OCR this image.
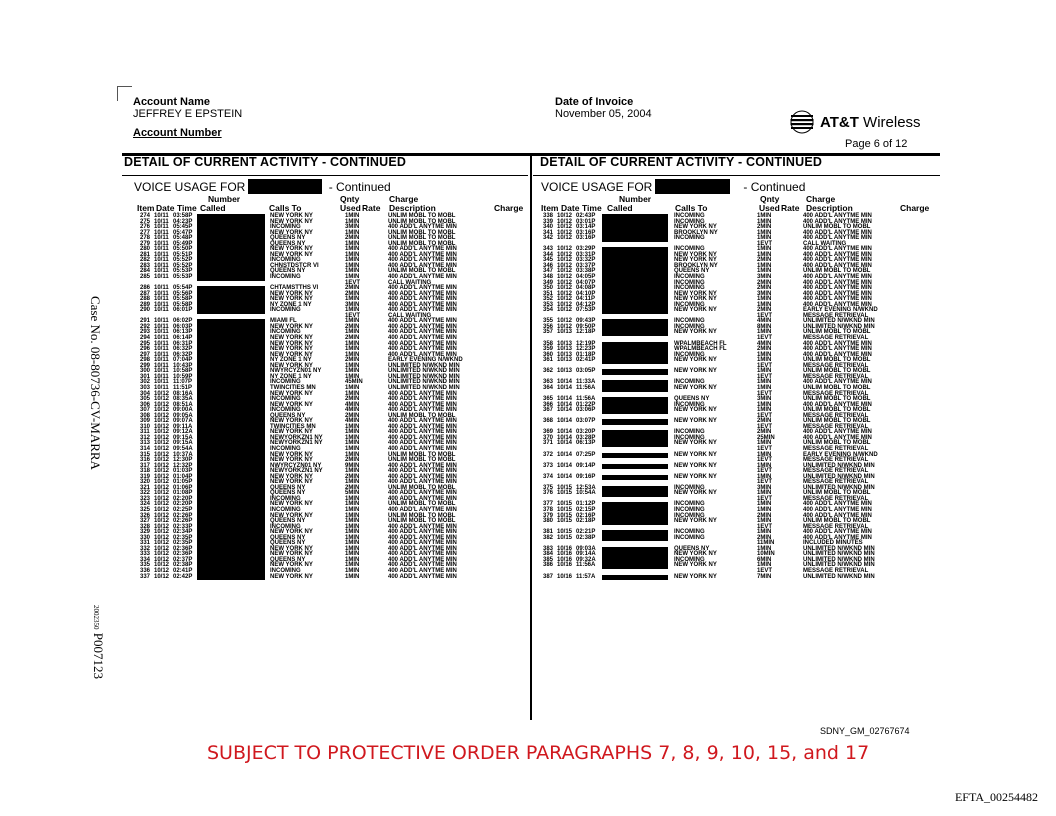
Account Name
JEFFREY E EPSTEIN
Account Number
Date of Invoice
November 05, 2004	AT&T Wireless
Page 6 of 12
DETAIL OF CURRENT ACTIVITY - CONTINUED	DETAIL OF CURRENT ACTIVITY - CONTINUED
VOICE USAGE FOR	- Continued	VOICE USAGE FOR	- Continued
Number
Item Date Time Called	Calls To
Qnty
Used Rate
Charge
Description	Charge
Number
Item Date Time Called	Calls To
Qnty
Used Rate
Charge
Description	Charge
274 10/11 03:58P	NEW YORK NY	1MIN	UNLIM MOBL TO MOBL
275 10/11 04:23P	NEW YORK NY	1MIN	UNLIM MOBL TO MOBL
276 10/11 05:45P	INCOMING	3MIN	400 ADD'L ANYTME MIN
277 10/11 05:47P	NEW YORK NY	1MIN	UNLIM MOBL TO MOBL
278 10/11 05:48P	QUEENS NY	2MIN	UNLIM MOBL TO MOBL
279 10/11 05:49P	QUEENS NY	1MIN	UNLIM MOBL TO MOBL
280 10/11 05:50P	NEW YORK NY	1MIN	400 ADD'L ANYTME MIN
281 10/11 05:51P	NEW YORK NY	1MIN	400 ADD'L ANYTME MIN
282 10/11 05:52P	INCOMING	1MIN	400 ADD'L ANYTME MIN
283 10/11 05:52P	CHNSTDSTCR VI	1MIN	400 ADD'L ANYTME MIN
284 10/11 05:53P	QUEENS NY	1MIN	UNLIM MOBL TO MOBL
285 10/11 05:53P	INCOMING	1MIN	400 ADD'L ANYTME MIN
1EVT	CALL WAITING
286 10/11 05:54P	CHTAMSTTHS VI	2MIN	400 ADD'L ANYTME MIN
287 10/11 05:56P	NEW YORK NY	2MIN	400 ADD'L ANYTME MIN
288 10/11 05:58P	NEW YORK NY	1MIN	400 ADD'L ANYTME MIN
289 10/11 05:58P	NY ZONE 1 NY	3MIN	400 ADD'L ANYTME MIN
290 10/11 06:01P	INCOMING	1MIN	400 ADD'L ANYTME MIN
1EVT	CALL WAITING
291 10/11 06:02P	MIAMI FL	1MIN	400 ADD'L ANYTME MIN
292 10/11 06:03P	NEW YORK NY	2MIN	400 ADD'L ANYTME MIN
293 10/11 06:13P	INCOMING	1MIN	400 ADD'L ANYTME MIN
294 10/11 06:14P	NEW YORK NY	2MIN	400 ADD'L ANYTME MIN
295 10/11 06:31P	NEW YORK NY	1MIN	400 ADD'L ANYTME MIN
296 10/11 06:32P	NEW YORK NY	1MIN	400 ADD'L ANYTME MIN
297 10/11 06:32P	NEW YORK NY	1MIN	400 ADD'L ANYTME MIN
298 10/11 07:04P	NY ZONE 1 NY	2MIN	EARLY EVENING N/WKND
299 10/11 10:43P	NEW YORK NY	1MIN	UNLIMITED N/WKND MIN
300 10/11 10:58P	NWYRCYZN01 NY	1MIN	UNLIMITED N/WKND MIN
301 10/11 10:59P	NY ZONE 1 NY	1MIN	UNLIMITED N/WKND MIN
302 10/11 11:07P	INCOMING	45MIN	UNLIMITED N/WKND MIN
303 10/11 11:51P	TWINCITIES MN	1MIN	UNLIMITED N/WKND MIN
304 10/12 08:16A	NEW YORK NY	1MIN	400 ADD'L ANYTME MIN
305 10/12 08:35A	INCOMING	2MIN	400 ADD'L ANYTME MIN
306 10/12 08:51A	NEW YORK NY	4MIN	400 ADD'L ANYTME MIN
307 10/12 09:00A	INCOMING	4MIN	400 ADD'L ANYTME MIN
308 10/12 09:05A	QUEENS NY	2MIN	UNLIM MOBL TO MOBL
309 10/12 09:07A	NEW YORK NY	4MIN	400 ADD'L ANYTME MIN
310 10/12 09:11A	TWINCITIES MN	1MIN	400 ADD'L ANYTME MIN
311 10/12 09:12A	NEW YORK NY	1MIN	400 ADD'L ANYTME MIN
312 10/12 09:15A	NEWYORKZN1 NY	1MIN	400 ADD'L ANYTME MIN
313 10/12 09:15A	NEWYORKZN1 NY	1MIN	400 ADD'L ANYTME MIN
314 10/12 09:54A	INCOMING	1MIN	400 ADD'L ANYTME MIN
315 10/12 10:37A	NEW YORK NY	1MIN	UNLIM MOBL TO MOBL
316 10/12 12:30P	NEW YORK NY	2MIN	UNLIM MOBL TO MOBL
317 10/12 12:32P	NWYRCYZN01 NY	9MIN	400 ADD'L ANYTME MIN
318 10/12 01:03P	NEWYORKZN1 NY	1MIN	400 ADD'L ANYTME MIN
319 10/12 01:04P	NEW YORK NY	2MIN	400 ADD'L ANYTME MIN
320 10/12 01:05P	NEW YORK NY	1MIN	400 ADD'L ANYTME MIN
321 10/12 01:06P	QUEENS NY	2MIN	UNLIM MOBL TO MOBL
322 10/12 01:08P	QUEENS NY	5MIN	400 ADD'L ANYTME MIN
323 10/12 02:20P	INCOMING	1MIN	400 ADD'L ANYTME MIN
324 10/12 02:20P	NEW YORK NY	1MIN	UNLIM MOBL TO MOBL
325 10/12 02:25P	INCOMING	1MIN	400 ADD'L ANYTME MIN
326 10/12 02:26P	NEW YORK NY	1MIN	UNLIM MOBL TO MOBL
327 10/12 02:26P	QUEENS NY	1MIN	UNLIM MOBL TO MOBL
328 10/12 02:33P	INCOMING	1MIN	400 ADD'L ANYTME MIN
329 10/12 02:34P	NEW YORK NY	1MIN	400 ADD'L ANYTME MIN
330 10/12 02:35P	QUEENS NY	1MIN	400 ADD'L ANYTME MIN
331 10/12 02:35P	QUEENS NY	1MIN	400 ADD'L ANYTME MIN
332 10/12 02:36P	NEW YORK NY	1MIN	400 ADD'L ANYTME MIN
333 10/12 02:36P	NEW YORK NY	1MIN	400 ADD'L ANYTME MIN
334 10/12 02:37P	QUEENS NY	1MIN	400 ADD'L ANYTME MIN
335 10/12 02:38P	NEW YORK NY	1MIN	400 ADD'L ANYTME MIN
336 10/12 02:41P	INCOMING	1MIN	400 ADD'L ANYTME MIN
337 10/12 02:42P	NEW YORK NY	1MIN	400 ADD'L ANYTME MIN
338 10/12 02:43P	INCOMING	1MIN	400 ADD'L ANYTME MIN
339 10/12 03:01P	INCOMING	1MIN	400 ADD'L ANYTME MIN
340 10/12 03:14P	NEW YORK NY	2MIN	UNLIM MOBL TO MOBL
341 10/12 03:16P	BROOKLYN NY	1MIN	400 ADD'L ANYTME MIN
342 10/12 03:16P	INCOMING	1MIN	400 ADD'L ANYTME MIN
1EVT	CALL WAITING
343 10/12 03:29P	INCOMING	1MIN	400 ADD'L ANYTME MIN
344 10/12 03:31P	NEW YORK NY	1MIN	400 ADD'L ANYTME MIN
345 10/12 03:32P	NEW YORK NY	2MIN	400 ADD'L ANYTME MIN
346 10/12 03:37P	BROOKLYN NY	1MIN	400 ADD'L ANYTME MIN
347 10/12 03:38P	QUEENS NY	1MIN	UNLIM MOBL TO MOBL
348 10/12 04:05P	INCOMING	3MIN	400 ADD'L ANYTME MIN
349 10/12 04:07P	INCOMING	2MIN	400 ADD'L ANYTME MIN
350 10/12 04:08P	INCOMING	2MIN	400 ADD'L ANYTME MIN
351 10/12 04:10P	NEW YORK NY	3MIN	400 ADD'L ANYTME MIN
352 10/12 04:11P	NEW YORK NY	1MIN	400 ADD'L ANYTME MIN
353 10/12 04:12P	INCOMING	1MIN	400 ADD'L ANYTME MIN
354 10/12 07:53P	NEW YORK NY	2MIN	EARLY EVENING N/WKND
1EVT	MESSAGE RETRIEVAL
355 10/12 09:43P	INCOMING	4MIN	UNLIMITED N/WKND MIN
356 10/12 09:50P	INCOMING	8MIN	UNLIMITED N/WKND MIN
357 10/13 12:18P	NEW YORK NY	1MIN	UNLIM MOBL TO MOBL
1EVT	MESSAGE RETRIEVAL
358 10/13 12:19P	WPALMBEACH FL	4MIN	400 ADD'L ANYTME MIN
359 10/13 12:23P	WPALMBEACH FL	2MIN	400 ADD'L ANYTME MIN
360 10/13 01:18P	INCOMING	1MIN	400 ADD'L ANYTME MIN
361 10/13 02:41P	NEW YORK NY	1MIN	UNLIM MOBL TO MOBL
1EVT	MESSAGE RETRIEVAL
362 10/13 03:05P	NEW YORK NY	1MIN	UNLIM MOBL TO MOBL
1EVT	MESSAGE RETRIEVAL
363 10/14 11:33A	INCOMING	1MIN	400 ADD'L ANYTME MIN
364 10/14 11:56A	NEW YORK NY	1MIN	UNLIM MOBL TO MOBL
1EVT	MESSAGE RETRIEVAL
365 10/14 11:56A	QUEENS NY	3MIN	UNLIM MOBL TO MOBL
366 10/14 01:22P	INCOMING	1MIN	400 ADD'L ANYTME MIN
367 10/14 03:06P	NEW YORK NY	1MIN	UNLIM MOBL TO MOBL
1EVT	MESSAGE RETRIEVAL
368 10/14 03:07P	NEW YORK NY	2MIN	UNLIM MOBL TO MOBL
1EVT	MESSAGE RETRIEVAL
369 10/14 03:20P	INCOMING	2MIN	400 ADD'L ANYTME MIN
370 10/14 03:28P	INCOMING	25MIN	400 ADD'L ANYTME MIN
371 10/14 06:13P	NEW YORK NY	1MIN	UNLIM MOBL TO MOBL
1EVT	MESSAGE RETRIEVAL
372 10/14 07:25P	NEW YORK NY	1MIN	EARLY EVENING N/WKND
1EVT	MESSAGE RETRIEVAL
373 10/14 09:14P	NEW YORK NY	1MIN	UNLIMITED N/WKND MIN
1EVT	MESSAGE RETRIEVAL
374 10/14 09:16P	NEW YORK NY	1MIN	UNLIMITED N/WKND MIN
1EVT	MESSAGE RETRIEVAL
375 10/15 12:53A	INCOMING	3MIN	UNLIMITED N/WKND MIN
376 10/15 10:54A	NEW YORK NY	1MIN	UNLIM MOBL TO MOBL
1EVT	MESSAGE RETRIEVAL
377 10/15 01:12P	INCOMING	1MIN	400 ADD'L ANYTME MIN
378 10/15 02:15P	INCOMING	1MIN	400 ADD'L ANYTME MIN
379 10/15 02:16P	INCOMING	2MIN	400 ADD'L ANYTME MIN
380 10/15 02:18P	NEW YORK NY	1MIN	UNLIM MOBL TO MOBL
1EVT	MESSAGE RETRIEVAL
381 10/15 02:21P	INCOMING	1MIN	400 ADD'L ANYTME MIN
382 10/15 02:38P	INCOMING	2MIN	400 ADD'L ANYTME MIN
11MIN	INCLUDED MINUTES
383 10/16 09:03A	QUEENS NY	1MIN	UNLIMITED N/WKND MIN
384 10/16 09:14A	NEW YORK NY	10MIN	UNLIMITED N/WKND MIN
385 10/16 09:32A	INCOMING	6MIN	UNLIMITED N/WKND MIN
386 10/16 11:56A	NEW YORK NY	1MIN	UNLIMITED N/WKND MIN
1EVT	MESSAGE RETRIEVAL
387 10/16 11:57A	NEW YORK NY	7MIN	UNLIMITED N/WKND MIN
Case No. 08-80736-CV-MARRA
2002350 P007123
SDNY_GM_02767674
SUBJECT TO PROTECTIVE ORDER PARAGRAPHS 7, 8, 9, 10, 15, and 17
EFTA_00254482
